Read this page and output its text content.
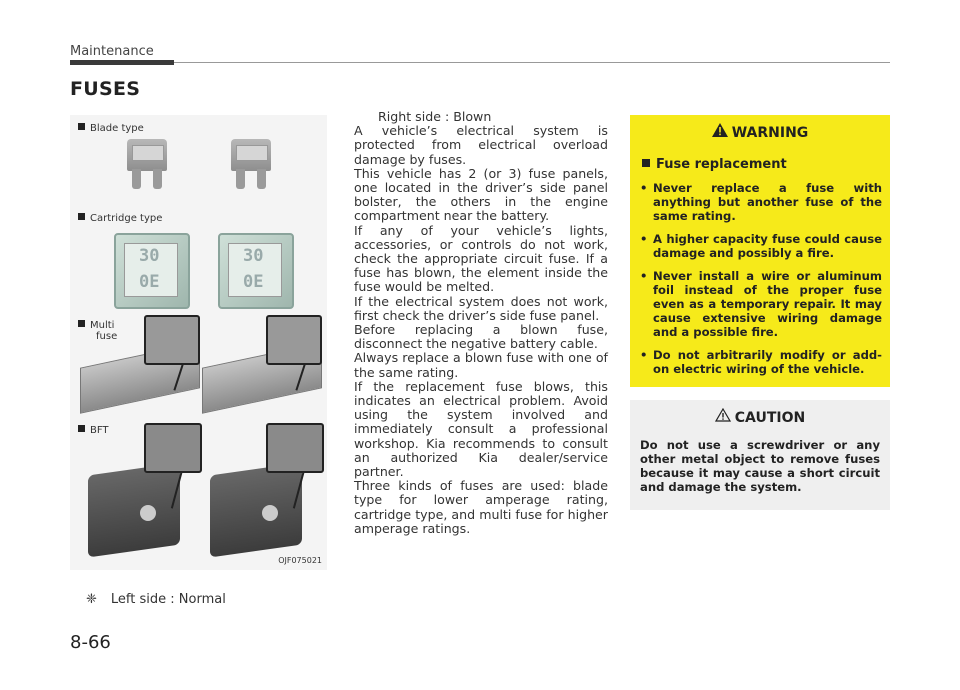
Maintenance
FUSES
Blade type
Cartridge type
30
0E
30
0E
Multi
fuse
BFT
OJF075021
❈ Left side : Normal

Right side : Blown

A vehicle’s electrical system is protected from electrical overload damage by fuses.

This vehicle has 2 (or 3) fuse panels, one located in the driver’s side panel bolster, the others in the engine compartment near the battery.

If any of your vehicle’s lights, accessories, or controls do not work, check the appropriate circuit fuse. If a fuse has blown, the element inside the fuse would be melted.

If the electrical system does not work, first check the driver’s side fuse panel.

Before replacing a blown fuse, disconnect the negative battery cable.

Always replace a blown fuse with one of the same rating.

If the replacement fuse blows, this indicates an electrical problem. Avoid using the system involved and immediately consult a professional workshop. Kia recommends to consult an authorized Kia dealer/service partner.

Three kinds of fuses are used: blade type for lower amperage rating, cartridge type, and multi fuse for higher amperage ratings.

WARNING
Fuse replacement
• Never replace a fuse with anything but another fuse of the same rating.
• A higher capacity fuse could cause damage and possibly a fire.
• Never install a wire or aluminum foil instead of the proper fuse even as a temporary repair. It may cause extensive wiring damage and a possible fire.
• Do not arbitrarily modify or add-on electric wiring of the vehicle.
CAUTION
Do not use a screwdriver or any other metal object to remove fuses because it may cause a short circuit and damage the system.
8-66
